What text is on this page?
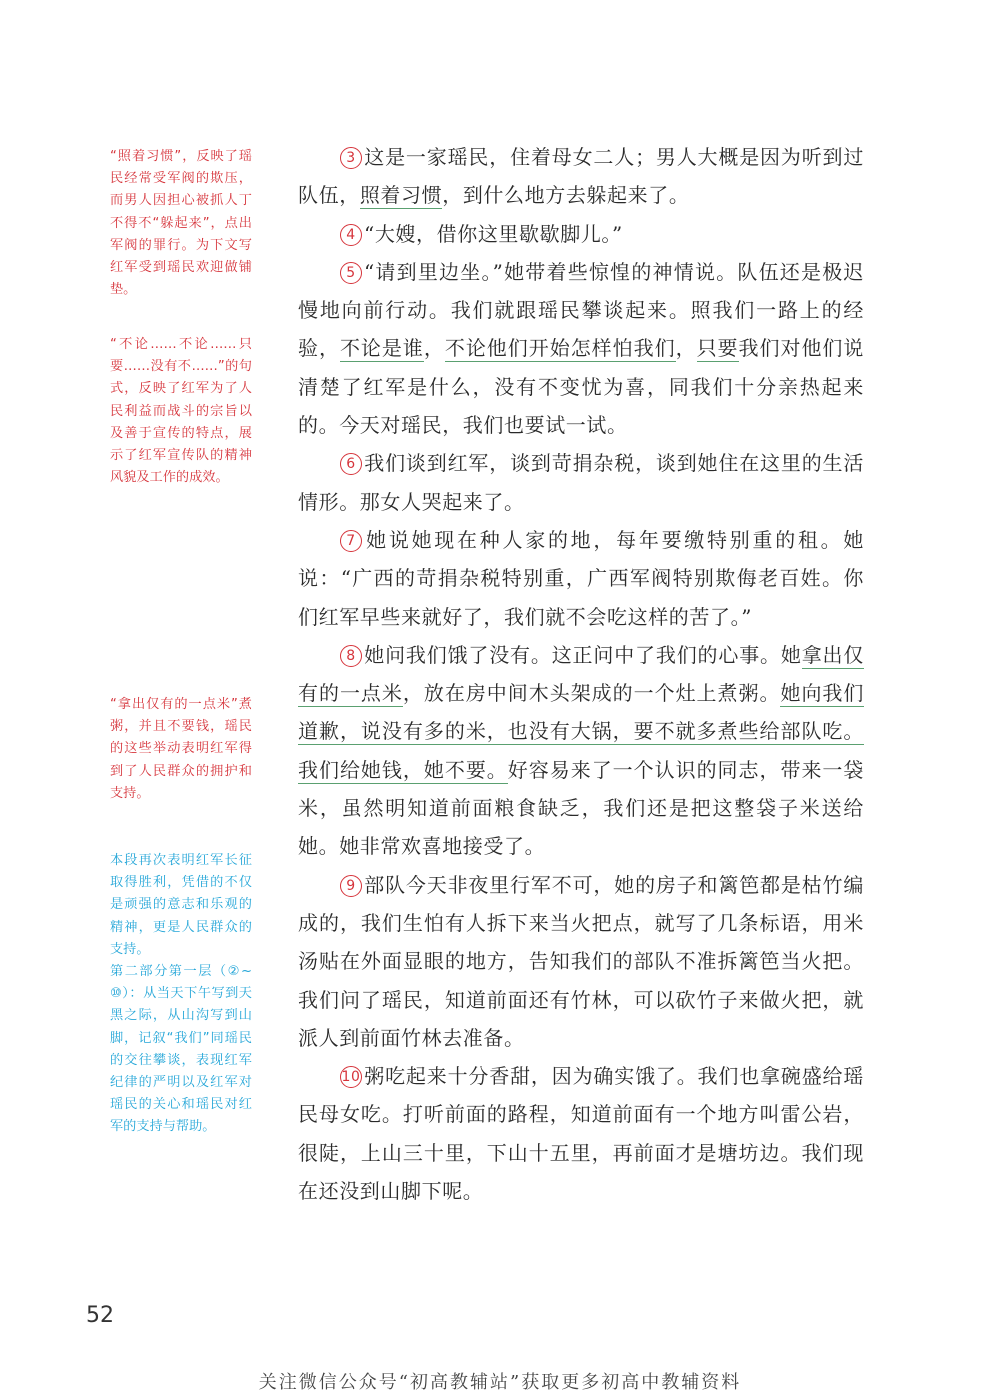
“照着习惯”，反映了瑶民经常受军阀的欺压，而男人因担心被抓人丁不得不“躲起来”，点出军阀的罪行。为下文写红军受到瑶民欢迎做铺垫。
“不论……不论……只要……没有不……”的句式，反映了红军为了人民利益而战斗的宗旨以及善于宣传的特点，展示了红军宣传队的精神风貌及工作的成效。
“拿出仅有的一点米”煮粥，并且不要钱，瑶民的这些举动表明红军得到了人民群众的拥护和支持。
本段再次表明红军长征取得胜利，凭借的不仅是顽强的意志和乐观的精神，更是人民群众的支持。
第二部分第一层（②~⑩）：从当天下午写到天黑之际，从山沟写到山脚，记叙“我们”同瑶民的交往攀谈，表现红军纪律的严明以及红军对瑶民的关心和瑶民对红军的支持与帮助。

3 这是一家瑶民，住着母女二人；男人大概是因为听到过队伍，照着习惯，到什么地方去躲起来了。

4 “大嫂，借你这里歇歇脚儿。”

5 “请到里边坐。”她带着些惊惶的神情说。队伍还是极迟慢地向前行动。我们就跟瑶民攀谈起来。照我们一路上的经验，不论是谁，不论他们开始怎样怕我们，只要我们对他们说清楚了红军是什么，没有不变忧为喜，同我们十分亲热起来的。今天对瑶民，我们也要试一试。

6 我们谈到红军，谈到苛捐杂税，谈到她住在这里的生活情形。那女人哭起来了。

7 她说她现在种人家的地，每年要缴特别重的租。她说：“广西的苛捐杂税特别重，广西军阀特别欺侮老百姓。你们红军早些来就好了，我们就不会吃这样的苦了。”

8 她问我们饿了没有。这正问中了我们的心事。她拿出仅有的一点米，放在房中间木头架成的一个灶上煮粥。她向我们道歉，说没有多的米，也没有大锅，要不就多煮些给部队吃。我们给她钱，她不要。好容易来了一个认识的同志，带来一袋米，虽然明知道前面粮食缺乏，我们还是把这整袋子米送给她。她非常欢喜地接受了。

9 部队今天非夜里行军不可，她的房子和篱笆都是枯竹编成的，我们生怕有人拆下来当火把点，就写了几条标语，用米汤贴在外面显眼的地方，告知我们的部队不准拆篱笆当火把。我们问了瑶民，知道前面还有竹林，可以砍竹子来做火把，就派人到前面竹林去准备。

10 粥吃起来十分香甜，因为确实饿了。我们也拿碗盛给瑶民母女吃。打听前面的路程，知道前面有一个地方叫雷公岩，很陡，上山三十里，下山十五里，再前面才是塘坊边。我们现在还没到山脚下呢。

52
关注微信公众号“初高教辅站”获取更多初高中教辅资料
